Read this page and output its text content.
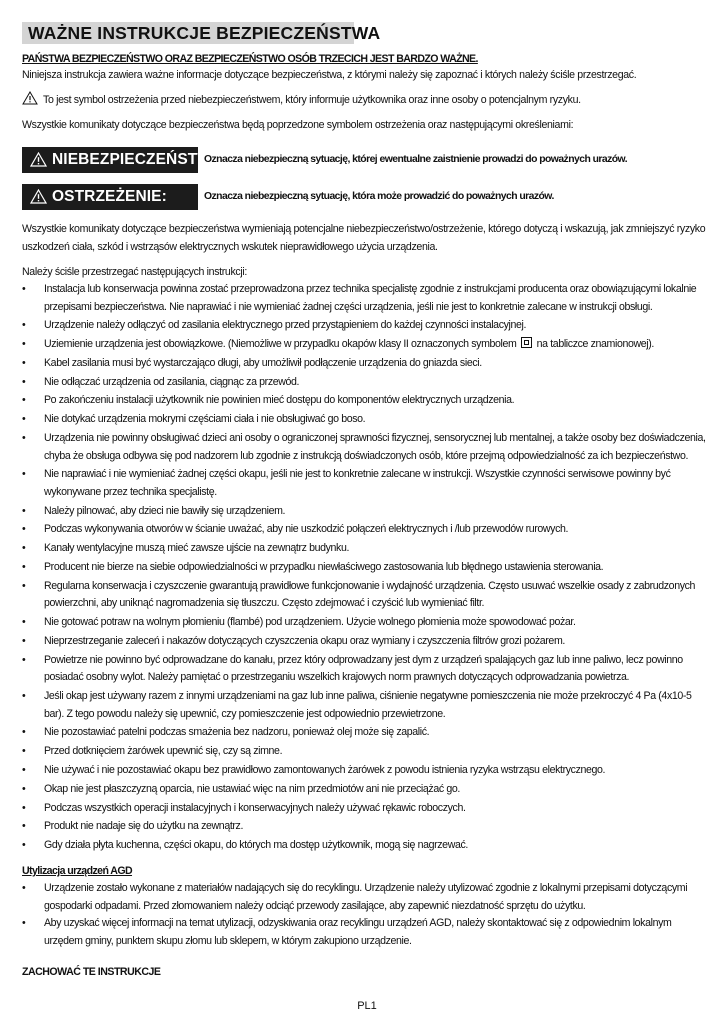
WAŻNE INSTRUKCJE BEZPIECZEŃSTWA
PAŃSTWA BEZPIECZEŃSTWO ORAZ BEZPIECZEŃSTWO OSÓB TRZECICH JEST BARDZO WAŻNE.
Niniejsza instrukcja zawiera ważne informacje dotyczące bezpieczeństwa, z którymi należy się zapoznać i których należy ściśle przestrzegać.
To jest symbol ostrzeżenia przed niebezpieczeństwem, który informuje użytkownika oraz inne osoby o potencjalnym ryzyku.
Wszystkie komunikaty dotyczące bezpieczeństwa będą poprzedzone symbolem ostrzeżenia oraz następującymi określeniami:
NIEBEZPIECZEŃSTWO:
Oznacza niebezpieczną sytuację, której ewentualne zaistnienie prowadzi do poważnych urazów.
OSTRZEŻENIE:	Oznacza niebezpieczną sytuację, która może prowadzić do poważnych urazów.
Wszystkie komunikaty dotyczące bezpieczeństwa wymieniają potencjalne niebezpieczeństwo/ostrzeżenie, którego dotyczą i wskazują, jak zmniejszyć ryzyko uszkodzeń ciała, szkód i wstrząsów elektrycznych wskutek nieprawidłowego użycia urządzenia.
Należy ściśle przestrzegać następujących instrukcji:
• Instalacja lub konserwacja powinna zostać przeprowadzona przez technika specjalistę zgodnie z instrukcjami producenta oraz obowiązującymi lokalnie przepisami bezpieczeństwa. Nie naprawiać i nie wymieniać żadnej części urządzenia, jeśli nie jest to konkretnie zalecane w instrukcji obsługi.
• Urządzenie należy odłączyć od zasilania elektrycznego przed przystąpieniem do każdej czynności instalacyjnej.
• Uziemienie urządzenia jest obowiązkowe. (Niemożliwe w przypadku okapów klasy II oznaczonych symbolem na tabliczce znamionowej).
• Kabel zasilania musi być wystarczająco długi, aby umożliwił podłączenie urządzenia do gniazda sieci.
• Nie odłączać urządzenia od zasilania, ciągnąc za przewód.
• Po zakończeniu instalacji użytkownik nie powinien mieć dostępu do komponentów elektrycznych urządzenia.
• Nie dotykać urządzenia mokrymi częściami ciała i nie obsługiwać go boso.
• Urządzenia nie powinny obsługiwać dzieci ani osoby o ograniczonej sprawności fizycznej, sensorycznej lub mentalnej, a także osoby bez doświadczenia, chyba że obsługa odbywa się pod nadzorem lub zgodnie z instrukcją doświadczonych osób, które przejmą odpowiedzialność za ich bezpieczeństwo.
• Nie naprawiać i nie wymieniać żadnej części okapu, jeśli nie jest to konkretnie zalecane w instrukcji. Wszystkie czynności serwisowe powinny być wykonywane przez technika specjalistę.
• Należy pilnować, aby dzieci nie bawiły się urządzeniem.
• Podczas wykonywania otworów w ścianie uważać, aby nie uszkodzić połączeń elektrycznych i /lub przewodów rurowych.
• Kanały wentylacyjne muszą mieć zawsze ujście na zewnątrz budynku.
• Producent nie bierze na siebie odpowiedzialności w przypadku niewłaściwego zastosowania lub błędnego ustawienia sterowania.
• Regularna konserwacja i czyszczenie gwarantują prawidłowe funkcjonowanie i wydajność urządzenia. Często usuwać wszelkie osady z zabrudzonych powierzchni, aby uniknąć nagromadzenia się tłuszczu. Często zdejmować i czyścić lub wymieniać filtr.
• Nie gotować potraw na wolnym płomieniu (flambé) pod urządzeniem. Użycie wolnego płomienia może spowodować pożar.
• Nieprzestrzeganie zaleceń i nakazów dotyczących czyszczenia okapu oraz wymiany i czyszczenia filtrów grozi pożarem.
• Powietrze nie powinno być odprowadzane do kanału, przez który odprowadzany jest dym z urządzeń spalających gaz lub inne paliwo, lecz powinno posiadać osobny wylot. Należy pamiętać o przestrzeganiu wszelkich krajowych norm prawnych dotyczących odprowadzania powietrza.
• Jeśli okap jest używany razem z innymi urządzeniami na gaz lub inne paliwa, ciśnienie negatywne pomieszczenia nie może przekroczyć 4 Pa (4x10-5 bar). Z tego powodu należy się upewnić, czy pomieszczenie jest odpowiednio przewietrzone.
• Nie pozostawiać patelni podczas smażenia bez nadzoru, ponieważ olej może się zapalić.
• Przed dotknięciem żarówek upewnić się, czy są zimne.
• Nie używać i nie pozostawiać okapu bez prawidłowo zamontowanych żarówek z powodu istnienia ryzyka wstrząsu elektrycznego.
• Okap nie jest płaszczyzną oparcia, nie ustawiać więc na nim przedmiotów ani nie przeciążać go.
• Podczas wszystkich operacji instalacyjnych i konserwacyjnych należy używać rękawic roboczych.
• Produkt nie nadaje się do użytku na zewnątrz.
• Gdy działa płyta kuchenna, części okapu, do których ma dostęp użytkownik, mogą się nagrzewać.
Utylizacja urządzeń AGD
• Urządzenie zostało wykonane z materiałów nadających się do recyklingu. Urządzenie należy utylizować zgodnie z lokalnymi przepisami dotyczącymi gospodarki odpadami. Przed złomowaniem należy odciąć przewody zasilające, aby zapewnić niezdatność sprzętu do użytku.
• Aby uzyskać więcej informacji na temat utylizacji, odzyskiwania oraz recyklingu urządzeń AGD, należy skontaktować się z odpowiednim lokalnym urzędem gminy, punktem skupu złomu lub sklepem, w którym zakupiono urządzenie.
ZACHOWAĆ TE INSTRUKCJE
PL1
